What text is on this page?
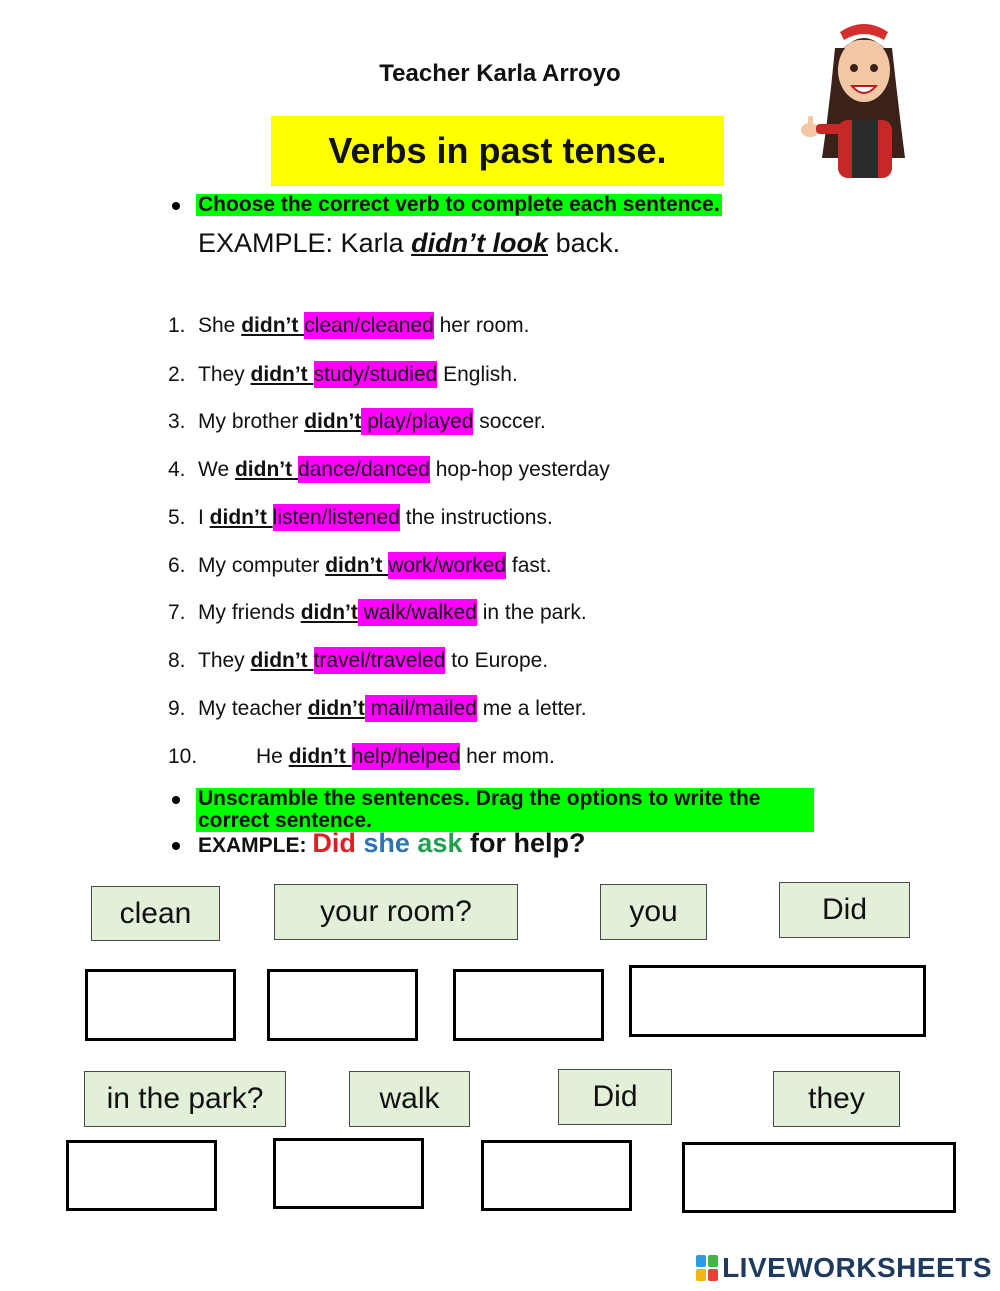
Teacher Karla Arroyo
Verbs in past tense.
Choose the correct verb to complete each sentence.
EXAMPLE: Karla didn’t look back.
1. She didn’t clean/cleaned her room.
2. They didn’t study/studied English.
3. My brother didn’t play/played soccer.
4. We didn’t dance/danced hop-hop yesterday
5. I didn’t listen/listened the instructions.
6. My computer didn’t work/worked fast.
7. My friends didn’t walk/walked in the park.
8. They didn’t travel/traveled to Europe.
9. My teacher didn’t mail/mailed me a letter.
10.	He didn’t help/helped her mom.
Unscramble the sentences. Drag the options to write the correct sentence.
EXAMPLE: Did she ask for help?
clean	your room?	you	Did
in the park?	walk	Did	they
LIVEWORKSHEETS
